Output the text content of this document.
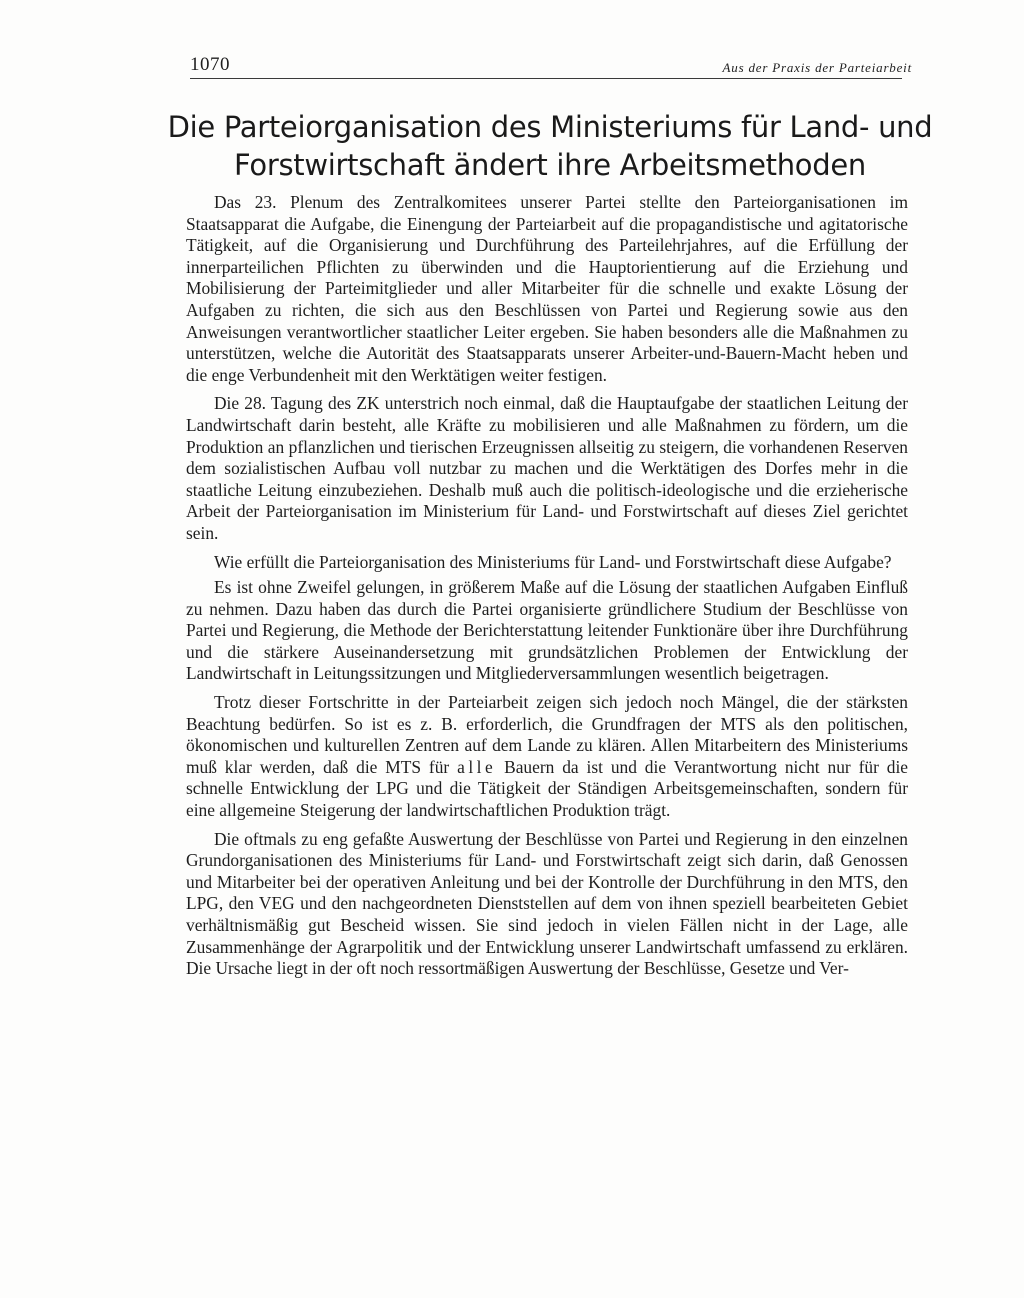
1070	Aus der Praxis der Parteiarbeit
Die Parteiorganisation des Ministeriums für Land- und
Forstwirtschaft ändert ihre Arbeitsmethoden

Das 23. Plenum des Zentralkomitees unserer Partei stellte den Parteiorganisationen im Staatsapparat die Aufgabe, die Einengung der Parteiarbeit auf die propagandistische und agitatorische Tätigkeit, auf die Organisierung und Durchführung des Parteilehrjahres, auf die Erfüllung der innerparteilichen Pflichten zu überwinden und die Hauptorientierung auf die Erziehung und Mobilisierung der Parteimitglieder und aller Mitarbeiter für die schnelle und exakte Lösung der Aufgaben zu richten, die sich aus den Beschlüssen von Partei und Regierung sowie aus den Anweisungen verantwortlicher staatlicher Leiter ergeben. Sie haben besonders alle die Maßnahmen zu unterstützen, welche die Autorität des Staatsapparats unserer Arbeiter-und-Bauern-Macht heben und die enge Verbundenheit mit den Werktätigen weiter festigen.

Die 28. Tagung des ZK unterstrich noch einmal, daß die Hauptaufgabe der staatlichen Leitung der Landwirtschaft darin besteht, alle Kräfte zu mobilisieren und alle Maßnahmen zu fördern, um die Produktion an pflanzlichen und tierischen Erzeugnissen allseitig zu steigern, die vorhandenen Reserven dem sozialistischen Aufbau voll nutzbar zu machen und die Werktätigen des Dorfes mehr in die staatliche Leitung einzubeziehen. Deshalb muß auch die politisch-ideologische und die erzieherische Arbeit der Parteiorganisation im Ministerium für Land- und Forstwirtschaft auf dieses Ziel gerichtet sein.

Wie erfüllt die Parteiorganisation des Ministeriums für Land- und Forstwirtschaft diese Aufgabe?

Es ist ohne Zweifel gelungen, in größerem Maße auf die Lösung der staatlichen Aufgaben Einfluß zu nehmen. Dazu haben das durch die Partei organisierte gründlichere Studium der Beschlüsse von Partei und Regierung, die Methode der Berichterstattung leitender Funktionäre über ihre Durchführung und die stärkere Auseinandersetzung mit grundsätzlichen Problemen der Entwicklung der Landwirtschaft in Leitungssitzungen und Mitgliederversammlungen wesentlich beigetragen.

Trotz dieser Fortschritte in der Parteiarbeit zeigen sich jedoch noch Mängel, die der stärksten Beachtung bedürfen. So ist es z. B. erforderlich, die Grundfragen der MTS als den politischen, ökonomischen und kulturellen Zentren auf dem Lande zu klären. Allen Mitarbeitern des Ministeriums muß klar werden, daß die MTS für alle Bauern da ist und die Verantwortung nicht nur für die schnelle Entwicklung der LPG und die Tätigkeit der Ständigen Arbeitsgemeinschaften, sondern für eine allgemeine Steigerung der landwirtschaftlichen Produktion trägt.

Die oftmals zu eng gefaßte Auswertung der Beschlüsse von Partei und Regierung in den einzelnen Grundorganisationen des Ministeriums für Land- und Forstwirtschaft zeigt sich darin, daß Genossen und Mitarbeiter bei der operativen Anleitung und bei der Kontrolle der Durchführung in den MTS, den LPG, den VEG und den nachgeordneten Dienststellen auf dem von ihnen speziell bearbeiteten Gebiet verhältnismäßig gut Bescheid wissen. Sie sind jedoch in vielen Fällen nicht in der Lage, alle Zusammenhänge der Agrarpolitik und der Entwicklung unserer Landwirtschaft umfassend zu erklären. Die Ursache liegt in der oft noch ressortmäßigen Auswertung der Beschlüsse, Gesetze und Ver-
